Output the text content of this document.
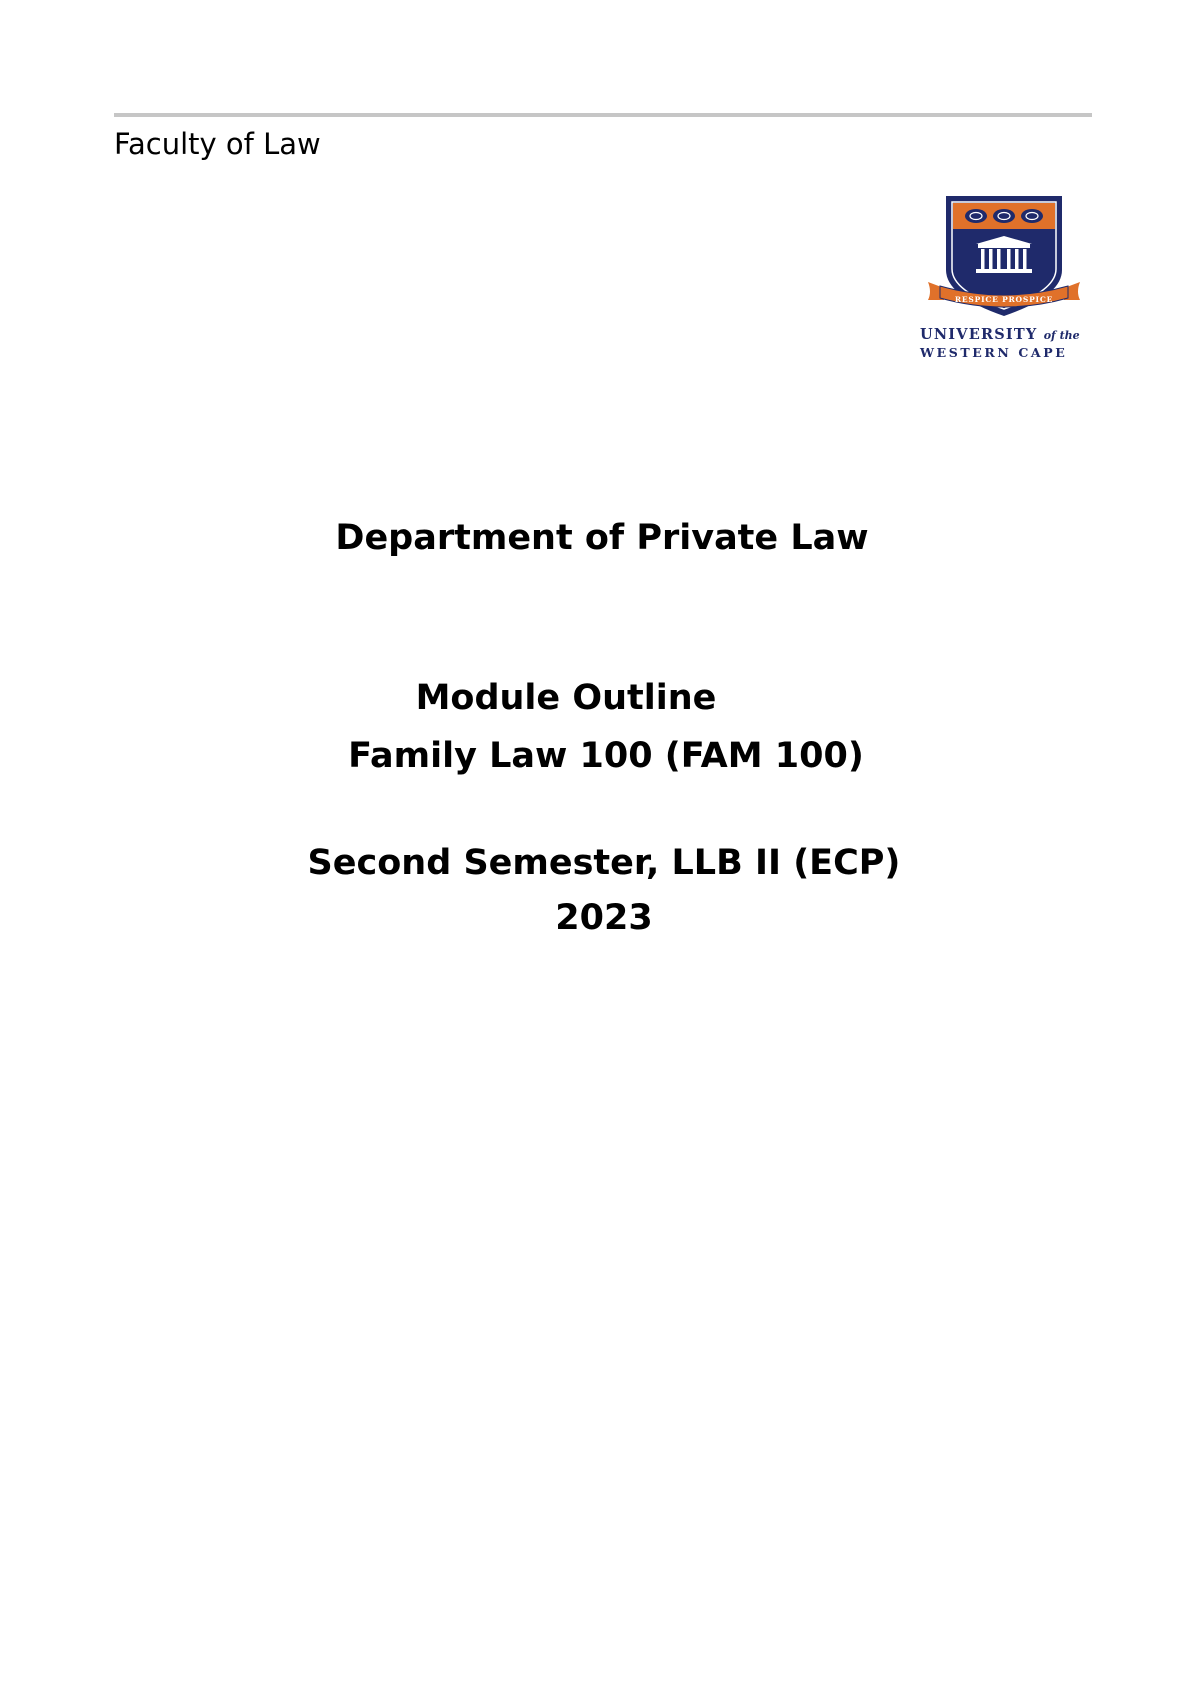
Faculty of Law
RESPICE PROSPICE
UNIVERSITY of the
WESTERN CAPE
Department of Private Law
Module Outline
Family Law 100 (FAM 100)
Second Semester, LLB II (ECP)
2023
